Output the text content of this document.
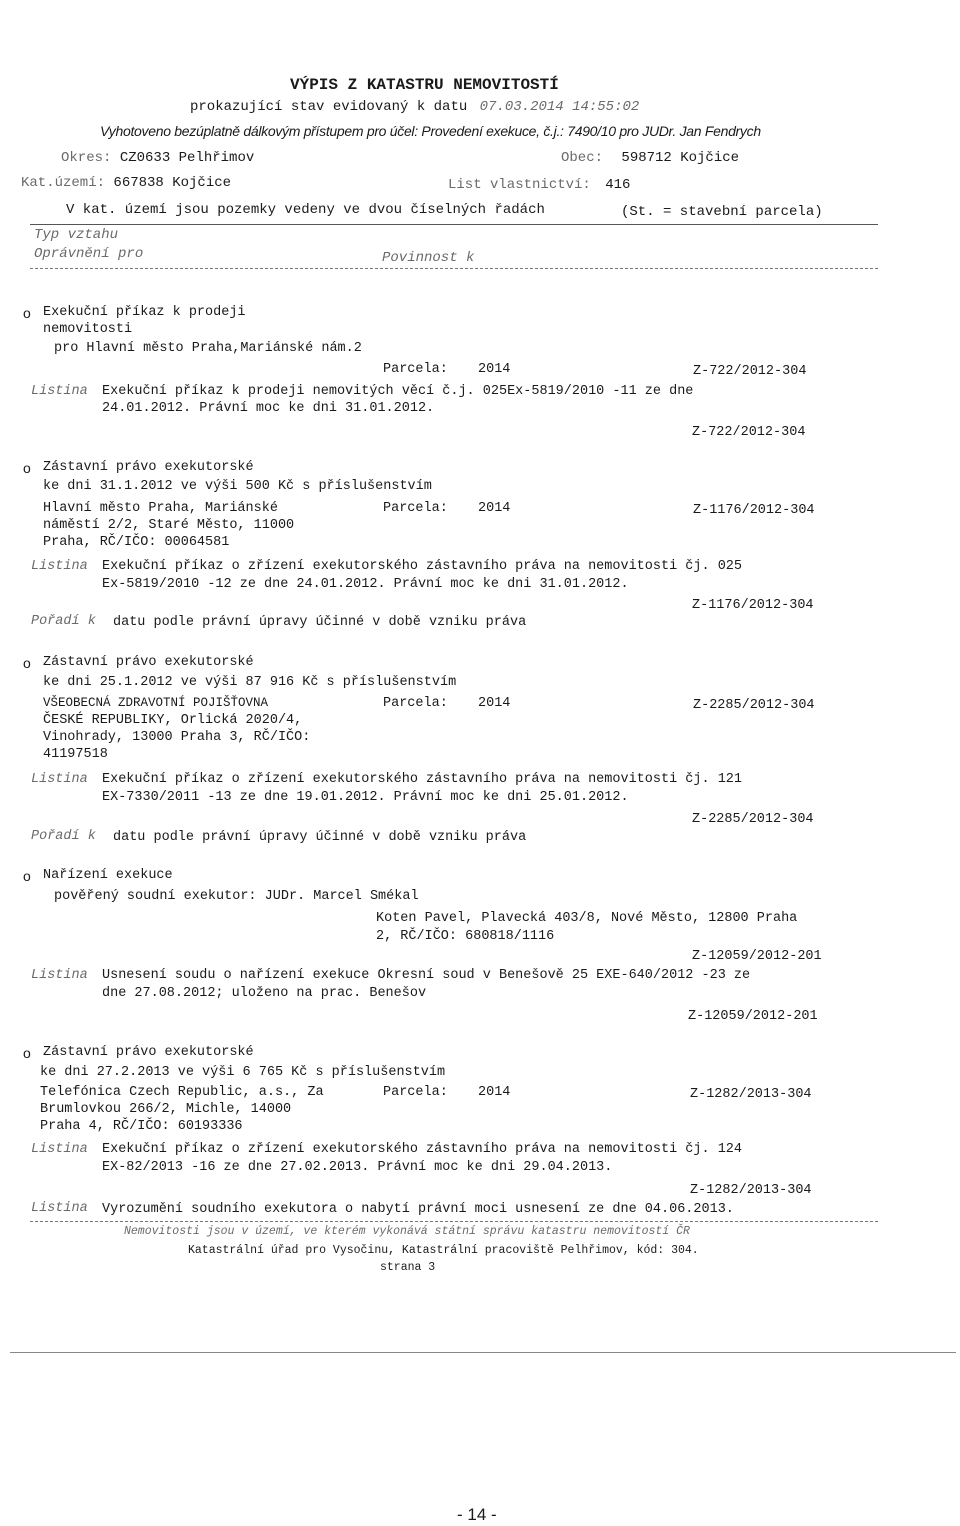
VÝPIS Z KATASTRU NEMOVITOSTÍ
prokazující stav evidovaný k datu 07.03.2014 14:55:02
Vyhotoveno bezúplatně dálkovým přístupem pro účel: Provedení exekuce, č.j.: 7490/10 pro JUDr. Jan Fendrych
Okres: CZ0633 Pelhřimov	Obec: 598712 Kojčice
Kat.území: 667838 Kojčice	List vlastnictví: 416
V kat. území jsou pozemky vedeny ve dvou číselných řadách	(St. = stavební parcela)
Typ vztahu
Oprávnění pro	Povinnost k
o Exekuční příkaz k prodeji
nemovitosti
pro Hlavní město Praha,Mariánské nám.2
Parcela: 2014	Z-722/2012-304
Listina Exekuční příkaz k prodeji nemovitých věcí č.j. 025Ex-5819/2010 -11 ze dne
24.01.2012. Právní moc ke dni 31.01.2012.
Z-722/2012-304
o Zástavní právo exekutorské
ke dni 31.1.2012 ve výši 500 Kč s příslušenstvím
Hlavní město Praha, Mariánské
náměstí 2/2, Staré Město, 11000
Praha, RČ/IČO: 00064581
Parcela: 2014	Z-1176/2012-304
Listina Exekuční příkaz o zřízení exekutorského zástavního práva na nemovitosti čj. 025
Ex-5819/2010 -12 ze dne 24.01.2012. Právní moc ke dni 31.01.2012.
Z-1176/2012-304
Pořadí k datu podle právní úpravy účinné v době vzniku práva
o Zástavní právo exekutorské
ke dni 25.1.2012 ve výši 87 916 Kč s příslušenstvím
VŠEOBECNÁ ZDRAVOTNÍ POJIŠŤOVNA
ČESKÉ REPUBLIKY, Orlická 2020/4,
Vinohrady, 13000 Praha 3, RČ/IČO:
41197518
Parcela: 2014	Z-2285/2012-304
Listina Exekuční příkaz o zřízení exekutorského zástavního práva na nemovitosti čj. 121
EX-7330/2011 -13 ze dne 19.01.2012. Právní moc ke dni 25.01.2012.
Z-2285/2012-304
Pořadí k datu podle právní úpravy účinné v době vzniku práva
o Nařízení exekuce
pověřený soudní exekutor: JUDr. Marcel Smékal
Koten Pavel, Plavecká 403/8, Nové Město, 12800 Praha
2, RČ/IČO: 680818/1116
Z-12059/2012-201
Listina Usnesení soudu o nařízení exekuce Okresní soud v Benešově 25 EXE-640/2012 -23 ze
dne 27.08.2012; uloženo na prac. Benešov
Z-12059/2012-201
o Zástavní právo exekutorské
ke dni 27.2.2013 ve výši 6 765 Kč s příslušenstvím
Telefónica Czech Republic, a.s., Za
Brumlovkou 266/2, Michle, 14000
Praha 4, RČ/IČO: 60193336
Parcela: 2014	Z-1282/2013-304
Listina Exekuční příkaz o zřízení exekutorského zástavního práva na nemovitosti čj. 124
EX-82/2013 -16 ze dne 27.02.2013. Právní moc ke dni 29.04.2013.
Z-1282/2013-304
Listina Vyrozumění soudního exekutora o nabytí právní moci usnesení ze dne 04.06.2013.
Nemovitosti jsou v území, ve kterém vykonává státní správu katastru nemovitostí ČR
Katastrální úřad pro Vysočinu, Katastrální pracoviště Pelhřimov, kód: 304.
strana 3
- 14 -
